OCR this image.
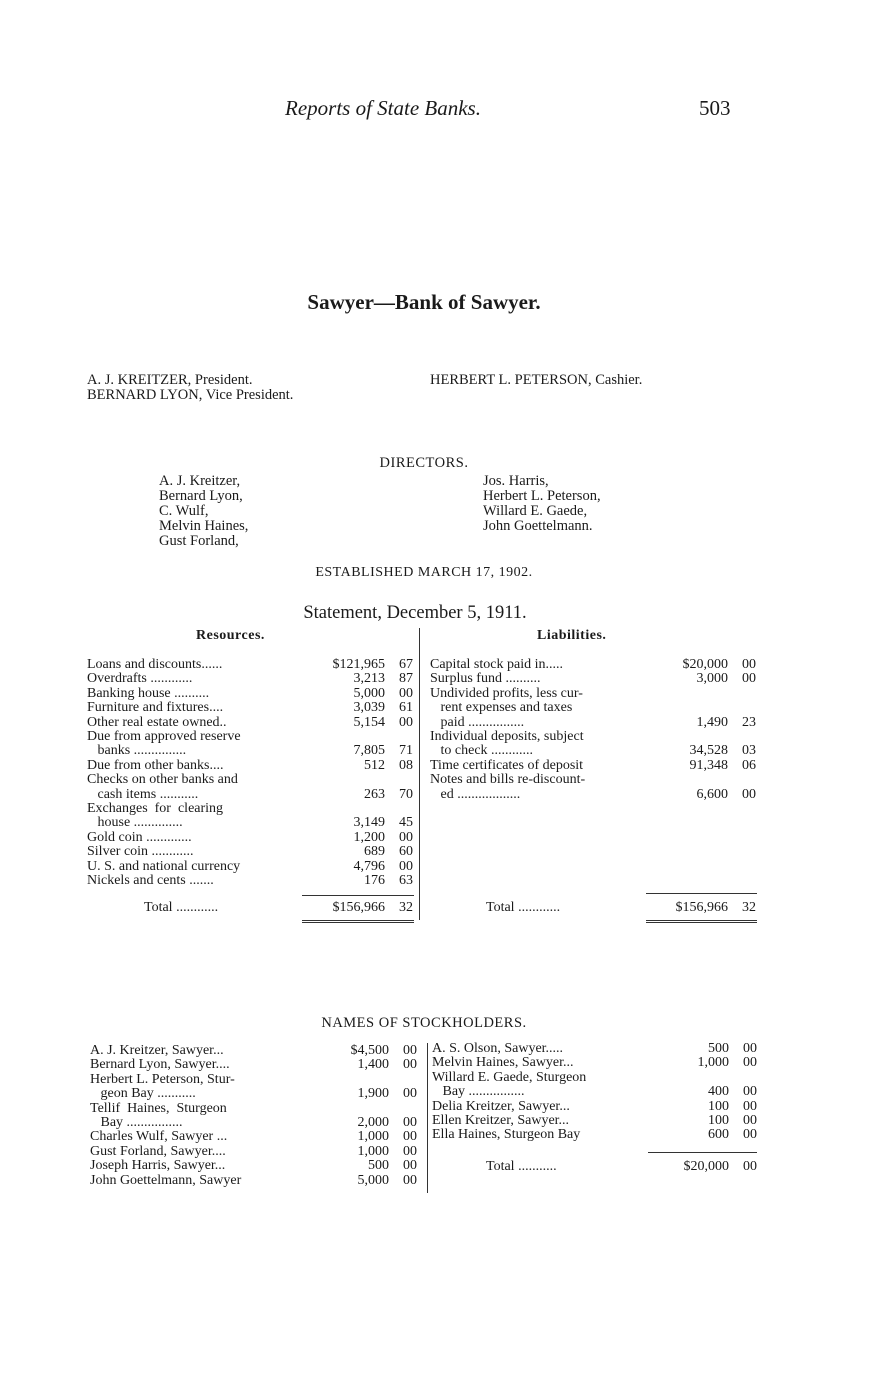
Reports of State Banks.	503
Sawyer—Bank of Sawyer.
A. J. KREITZER, President.
BERNARD LYON, Vice President.
HERBERT L. PETERSON, Cashier.
DIRECTORS.
A. J. Kreitzer,
Bernard Lyon,
C. Wulf,
Melvin Haines,
Gust Forland,
Jos. Harris,
Herbert L. Peterson,
Willard E. Gaede,
John Goettelmann.
ESTABLISHED MARCH 17, 1902.
Statement, December 5, 1911.
Resources.	Liabilities.
Loans and discounts......	$121,965	67
Overdrafts ............	3,213	87
Banking house ..........	5,000	00
Furniture and fixtures....	3,039	61
Other real estate owned..	5,154	00
Due from approved reserve		
banks ...............	7,805	71
Due from other banks....	512	08
Checks on other banks and		
cash items ...........	263	70
Exchanges  for  clearing		
house ..............	3,149	45
Gold coin .............	1,200	00
Silver coin ............	689	60
U. S. and national currency	4,796	00
Nickels and cents .......	176	63
Total ............	$156,966	32
Capital stock paid in.....	$20,000	00
Surplus fund ..........	3,000	00
Undivided profits, less cur-		
rent expenses and taxes		
paid ................	1,490	23
Individual deposits, subject		
to check ............	34,528	03
Time certificates of deposit	91,348	06
Notes and bills re-discount-		
ed ..................	6,600	00
Total ............	$156,966	32
NAMES OF STOCKHOLDERS.
A. J. Kreitzer, Sawyer...	$4,500	00
Bernard Lyon, Sawyer....	1,400	00
Herbert L. Peterson, Stur-		
geon Bay ...........	1,900	00
Tellif  Haines,  Sturgeon		
Bay ................	2,000	00
Charles Wulf, Sawyer ...	1,000	00
Gust Forland, Sawyer....	1,000	00
Joseph Harris, Sawyer...	500	00
John Goettelmann, Sawyer	5,000	00
A. S. Olson, Sawyer.....	500	00
Melvin Haines, Sawyer...	1,000	00
Willard E. Gaede, Sturgeon		
Bay ................	400	00
Delia Kreitzer, Sawyer...	100	00
Ellen Kreitzer, Sawyer...	100	00
Ella Haines, Sturgeon Bay	600	00
Total ...........	$20,000	00
